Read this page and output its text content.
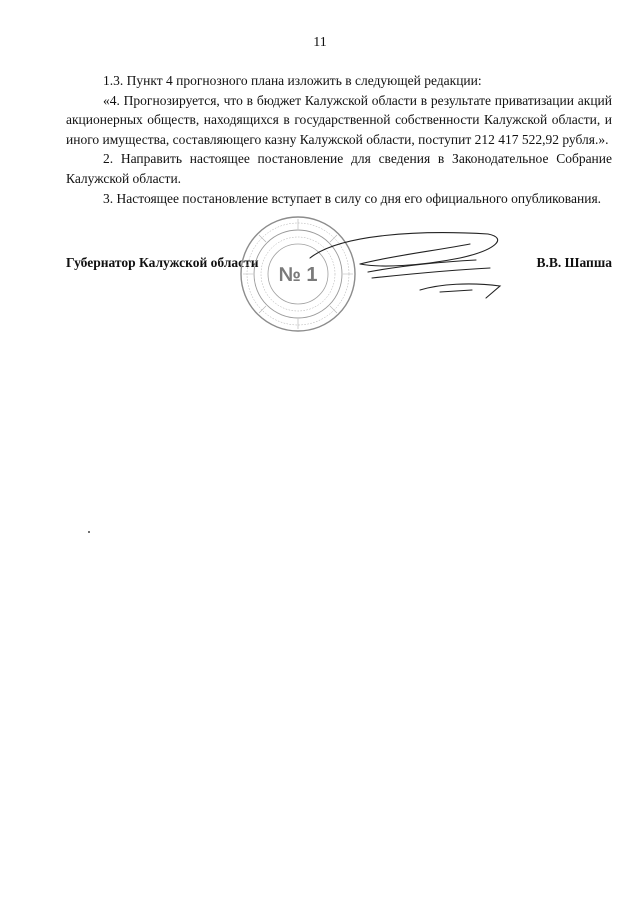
11

1.3. Пункт 4 прогнозного плана изложить в следующей редакции:

«4. Прогнозируется, что в бюджет Калужской области в результате приватизации акций акционерных обществ, находящихся в государственной собственности Калужской области, и иного имущества, составляющего казну Калужской области, поступит 212 417 522,92 рубля.».

2. Направить настоящее постановление для сведения в Законодательное Собрание Калужской области.

3. Настоящее постановление вступает в силу со дня его официального опубликования.

Губернатор Калужской области	В.В. Шапша
№ 1
